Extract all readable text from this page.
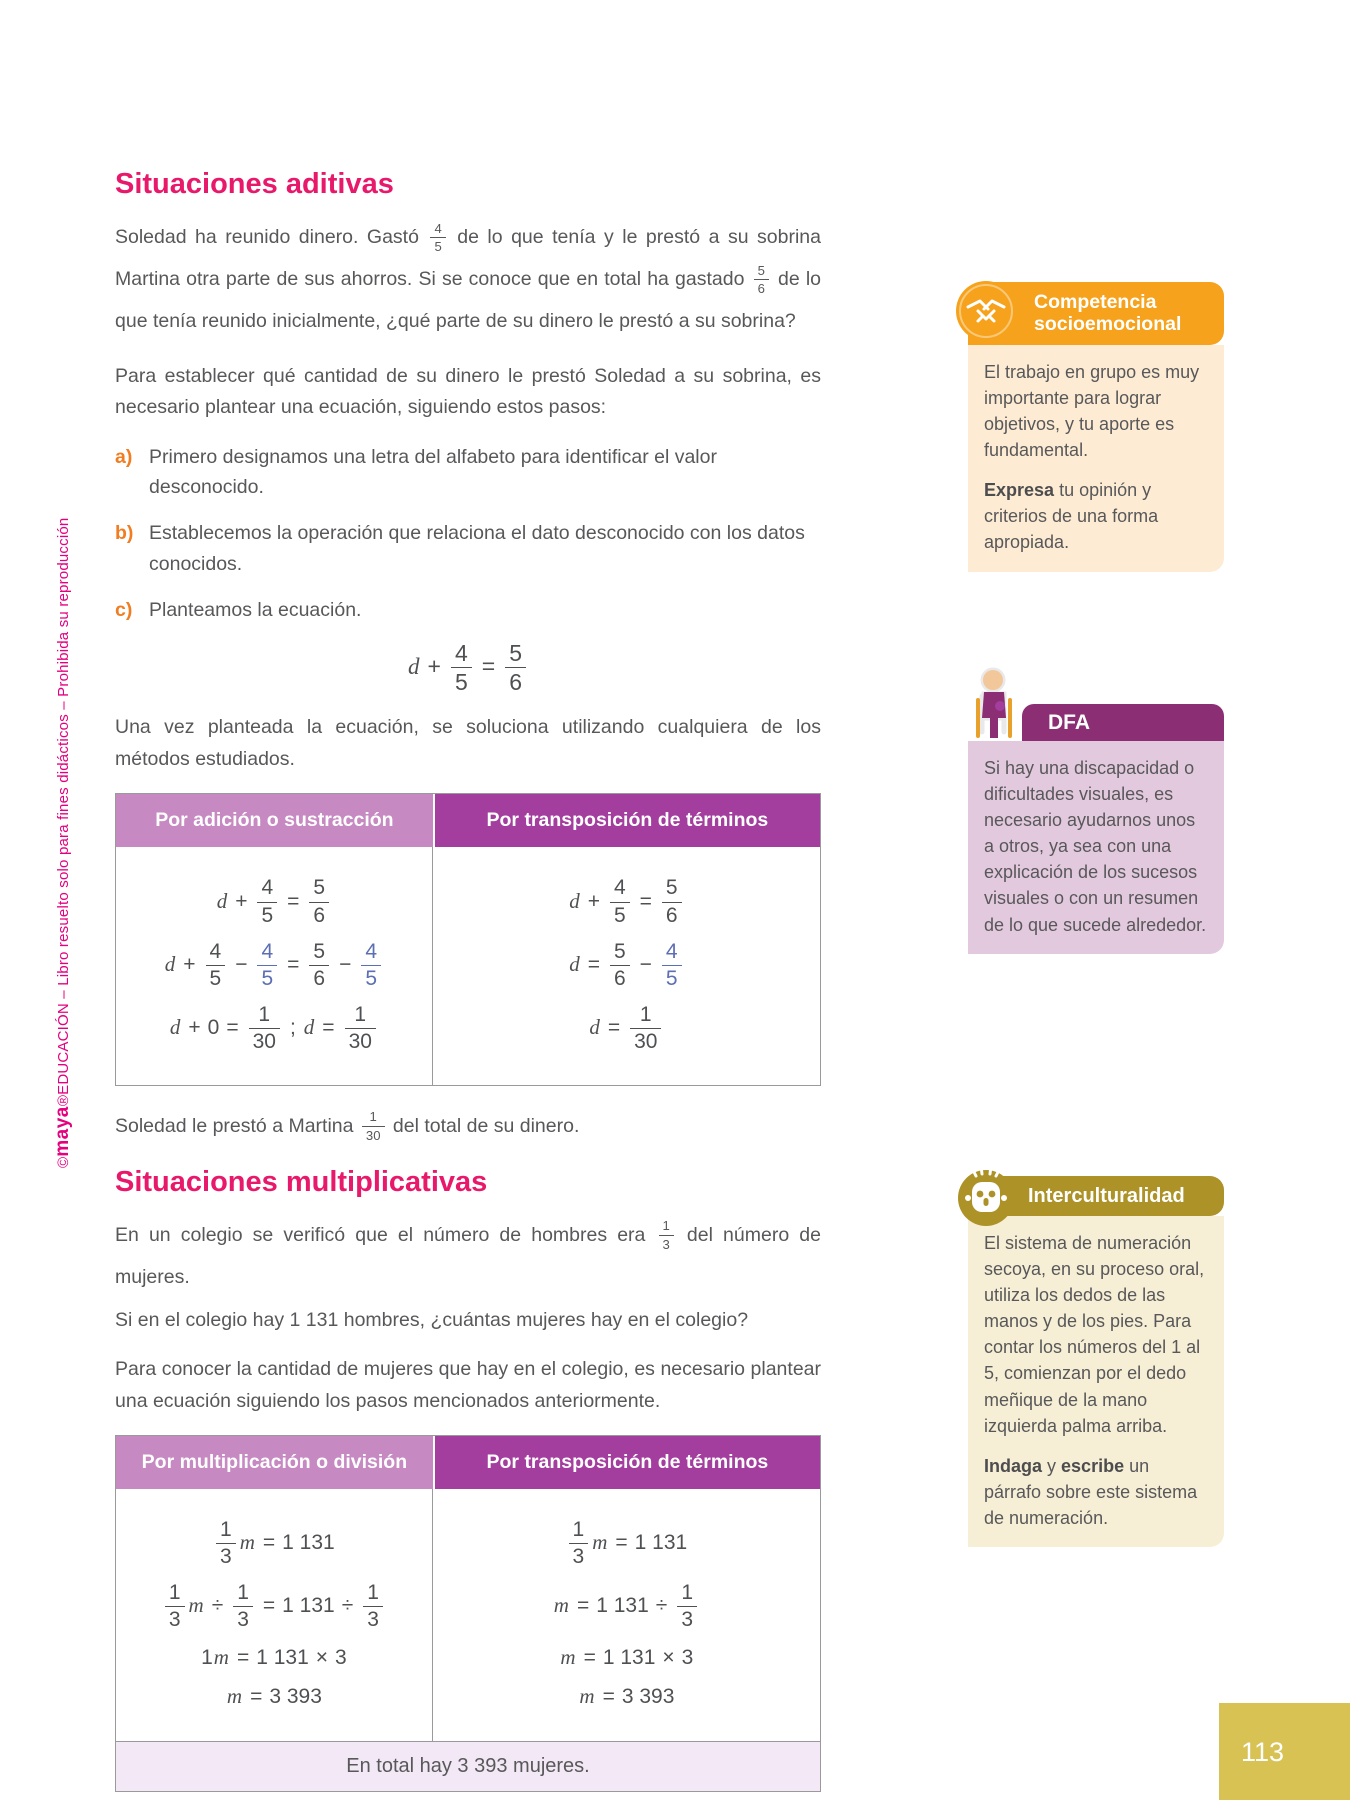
©maya®EDUCACIÓN – Libro resuelto solo para fines didácticos – Prohibida su reproducción
Situaciones aditivas

Soledad ha reunido dinero. Gastó $\frac{4}{5}$ de lo que tenía y le prestó a su sobrina Martina otra parte de sus ahorros. Si se conoce que en total ha gastado $\frac{5}{6}$ de lo que tenía reunido inicialmente, ¿qué parte de su dinero le prestó a su sobrina?

Para establecer qué cantidad de su dinero le prestó Soledad a su sobrina, es necesario plantear una ecuación, siguiendo estos pasos:

a) Primero designamos una letra del alfabeto para identificar el valor desconocido.
b) Establecemos la operación que relaciona el dato desconocido con los datos conocidos.
c) Planteamos la ecuación.
$d + \frac{4}{5} = \frac{5}{6}$

Una vez planteada la ecuación, se soluciona utilizando cualquiera de los métodos estudiados.

Por adición o sustracción	Por transposición de términos
$d + \frac{4}{5} = \frac{5}{6}$
$d + \frac{4}{5} - \frac{4}{5} = \frac{5}{6} - \frac{4}{5}$
$d + 0 = \frac{1}{30}$ ; $d = \frac{1}{30}$
$d + \frac{4}{5} = \frac{5}{6}$
$d = \frac{5}{6} - \frac{4}{5}$
$d = \frac{1}{30}$

Soledad le prestó a Martina $\frac{1}{30}$ del total de su dinero.

Situaciones multiplicativas

En un colegio se verificó que el número de hombres era $\frac{1}{3}$ del número de mujeres.

Si en el colegio hay 1 131 hombres, ¿cuántas mujeres hay en el colegio?

Para conocer la cantidad de mujeres que hay en el colegio, es necesario plantear una ecuación siguiendo los pasos mencionados anteriormente.

Por multiplicación o división	Por transposición de términos
$\frac{1}{3}$ m = 1 131
$\frac{1}{3}$ $m \div \frac{1}{3} = 1$ $131 \div \frac{1}{3}$
1m = 1 131 × 3
m = 3 393
$\frac{1}{3}$ m = 1 131
m = 1 $131 \div \frac{1}{3}$
m = 1 131 × 3
m = 3 393
En total hay 3 393 mujeres.
Competencia
socioemocional

El trabajo en grupo es muy importante para lograr objetivos, y tu aporte es fundamental.

Expresa tu opinión y criterios de una forma apropiada.

DFA

Si hay una discapacidad o dificultades visuales, es necesario ayudarnos unos a otros, ya sea con una explicación de los sucesos visuales o con un resumen de lo que sucede alrededor.

Interculturalidad

El sistema de numeración secoya, en su proceso oral, utiliza los dedos de las manos y de los pies. Para contar los números del 1 al 5, comienzan por el dedo meñique de la mano izquierda palma arriba.

Indaga y escribe un párrafo sobre este sistema de numeración.

113
